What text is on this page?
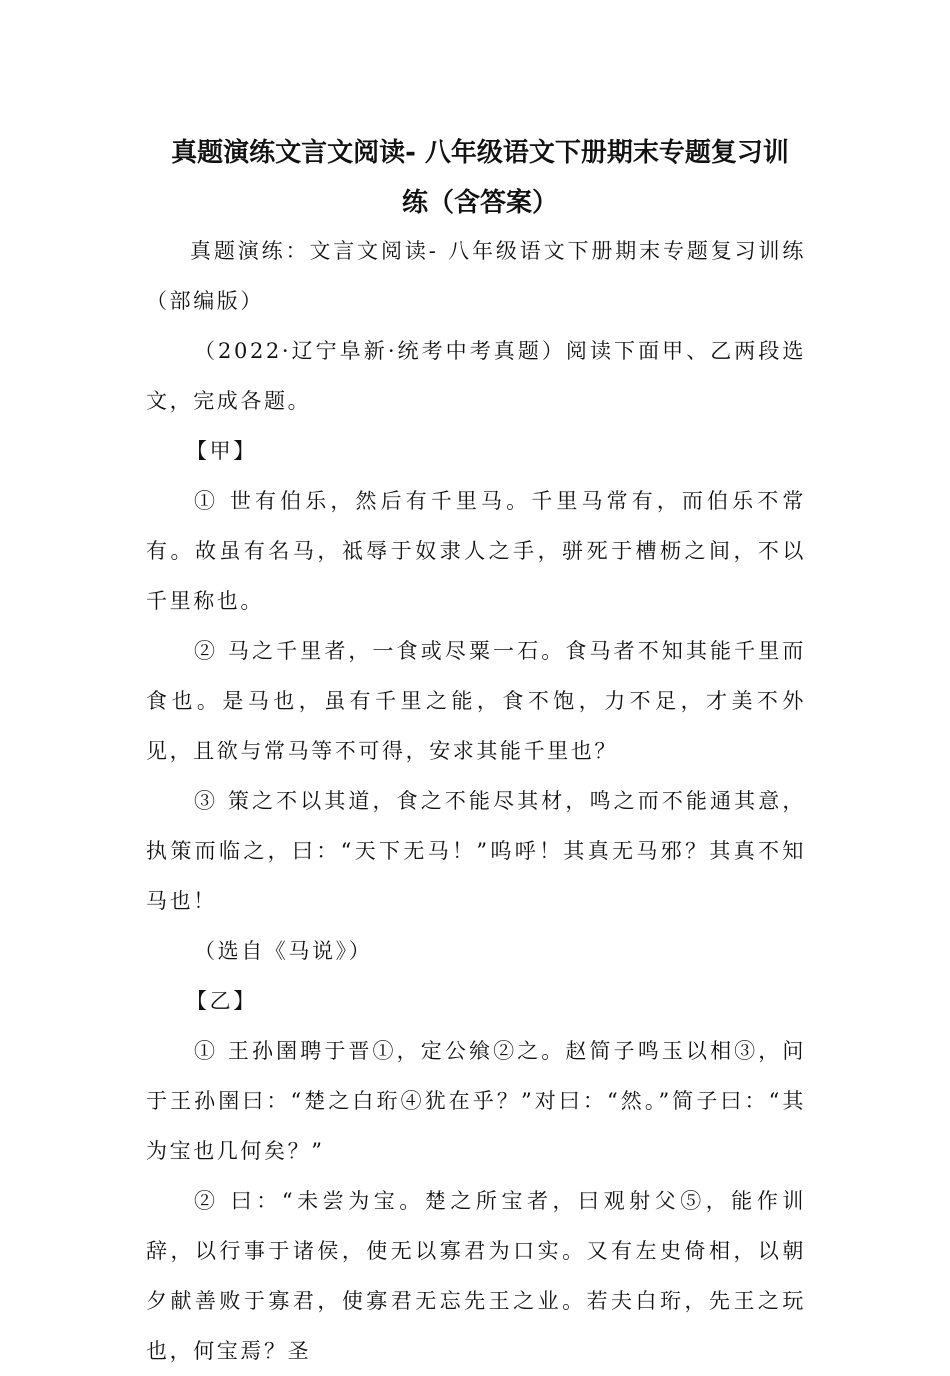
真题演练文言文阅读- 八年级语文下册期末专题复习训
练（含答案）

真题演练：文言文阅读- 八年级语文下册期末专题复习训练（部编版）

（2022·辽宁阜新·统考中考真题）阅读下面甲、乙两段选文，完成各题。

【甲】

① 世有伯乐，然后有千里马。千里马常有，而伯乐不常有。故虽有名马，祗辱于奴隶人之手，骈死于槽枥之间，不以千里称也。

② 马之千里者，一食或尽粟一石。食马者不知其能千里而食也。是马也，虽有千里之能，食不饱，力不足，才美不外见，且欲与常马等不可得，安求其能千里也？

③ 策之不以其道，食之不能尽其材，鸣之而不能通其意，执策而临之，曰：“天下无马！”呜呼！其真无马邪？其真不知马也！

（选自《马说》）

【乙】

① 王孙圉聘于晋①，定公飨②之。赵简子鸣玉以相③，问于王孙圉曰：“楚之白珩④犹在乎？”对曰：“然。”简子曰：“其为宝也几何矣？”

② 曰：“未尝为宝。楚之所宝者，曰观射父⑤，能作训辞，以行事于诸侯，使无以寡君为口实。又有左史倚相，以朝夕献善败于寡君，使寡君无忘先王之业。若夫白珩，先王之玩也，何宝焉？圣
